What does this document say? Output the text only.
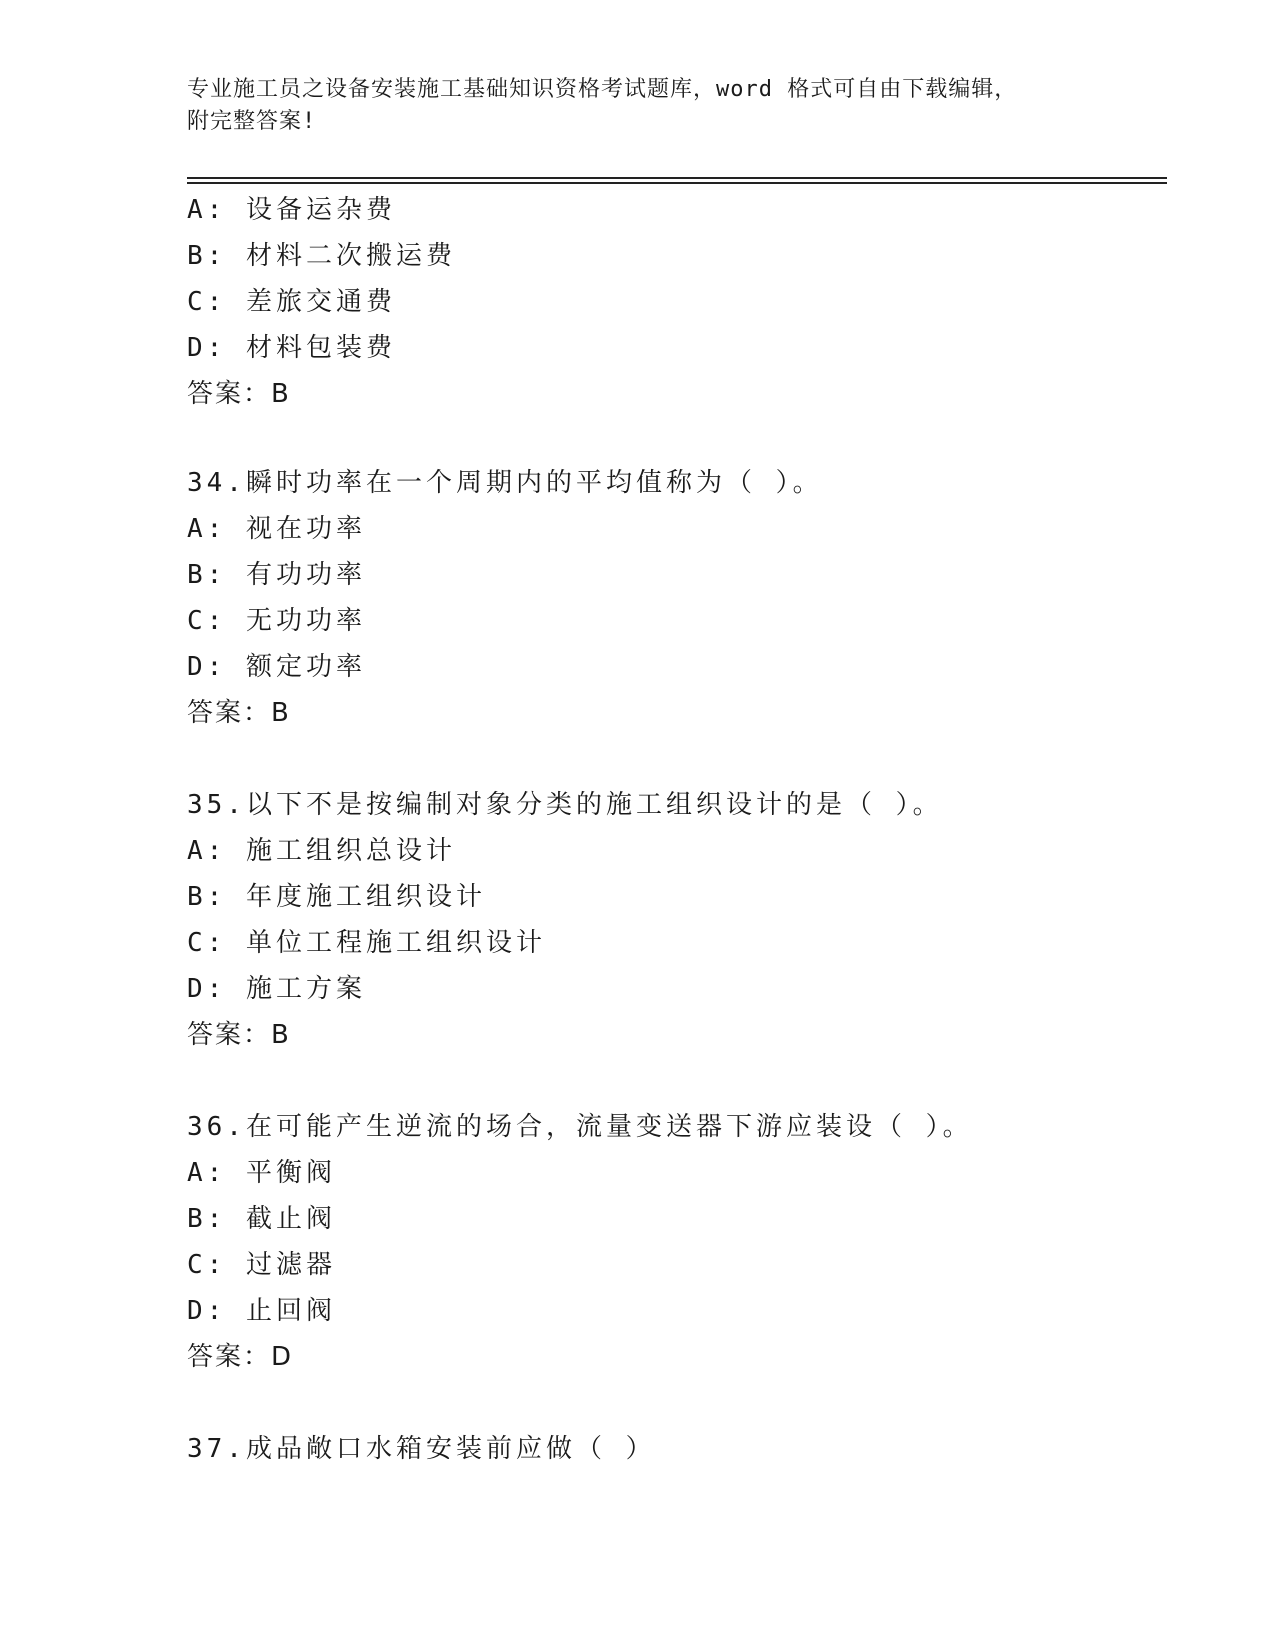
专业施工员之设备安装施工基础知识资格考试题库，word 格式可自由下载编辑，
附完整答案!
A: 设备运杂费
B: 材料二次搬运费
C: 差旅交通费
D: 材料包装费
答案：B
34.瞬时功率在一个周期内的平均值称为（ ）。
A: 视在功率
B: 有功功率
C: 无功功率
D: 额定功率
答案：B
35.以下不是按编制对象分类的施工组织设计的是（ ）。
A: 施工组织总设计
B: 年度施工组织设计
C: 单位工程施工组织设计
D: 施工方案
答案：B
36.在可能产生逆流的场合，流量变送器下游应装设（ ）。
A: 平衡阀
B: 截止阀
C: 过滤器
D: 止回阀
答案：D
37.成品敞口水箱安装前应做（ ）
